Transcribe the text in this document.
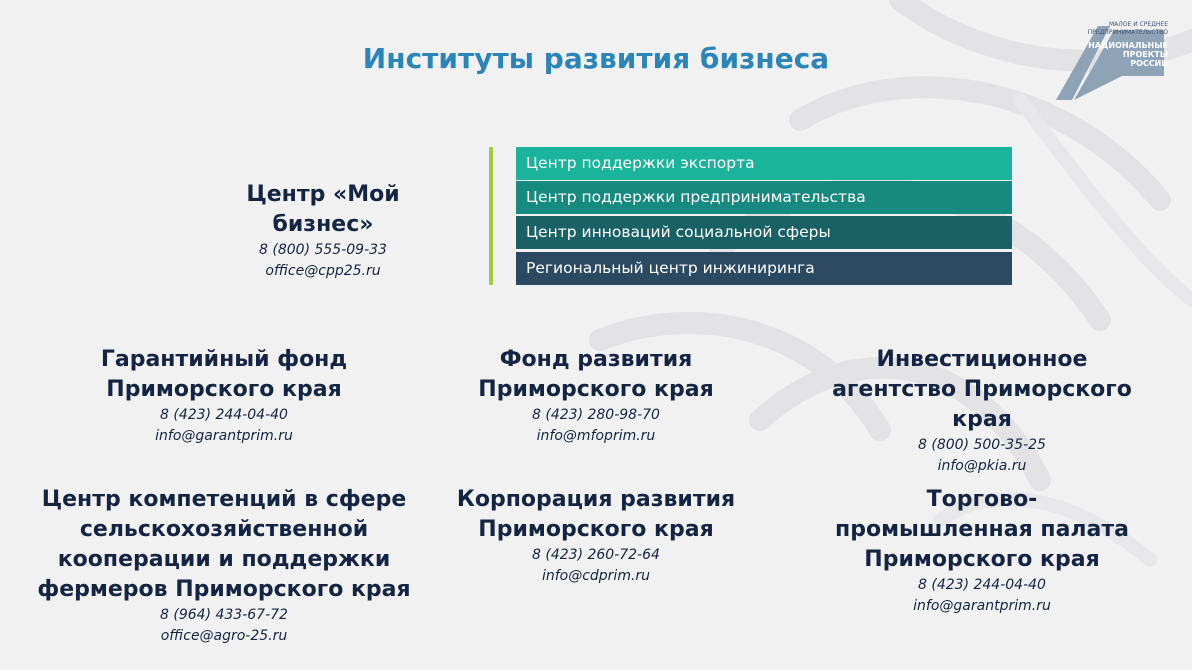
Институты развития бизнеса
МАЛОЕ И СРЕДНЕЕ
ПРЕДПРИНИМАТЕЛЬСТВО
НАЦИОНАЛЬНЫЕ
ПРОЕКТЫ
РОССИИ
Центр «Мой
бизнес»
8 (800) 555-09-33
office@cpp25.ru
Центр поддержки экспорта
Центр поддержки предпринимательства
Центр инноваций социальной сферы
Региональный центр инжиниринга
Гарантийный фонд
Приморского края
8 (423) 244-04-40
info@garantprim.ru
Фонд развития
Приморского края
8 (423) 280-98-70
info@mfoprim.ru
Инвестиционное
агентство Приморского
края
8 (800) 500-35-25
info@pkia.ru
Центр компетенций в сфере
сельскохозяйственной
кооперации и поддержки
фермеров Приморского края
8 (964) 433-67-72
office@agro-25.ru
Корпорация развития
Приморского края
8 (423) 260-72-64
info@cdprim.ru
Торгово-
промышленная палата
Приморского края
8 (423) 244-04-40
info@garantprim.ru
